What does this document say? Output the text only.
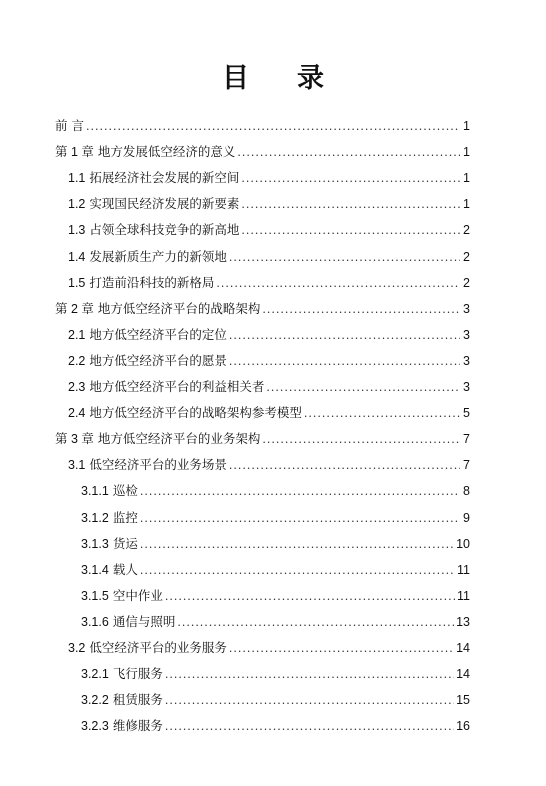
目 录
前 言 .....	1
第 1 章 地方发展低空经济的意义 .....	1
1.1 拓展经济社会发展的新空间 .....	1
1.2 实现国民经济发展的新要素 .....	1
1.3 占领全球科技竞争的新高地 .....	2
1.4 发展新质生产力的新领地 .....	2
1.5 打造前沿科技的新格局 .....	2
第 2 章 地方低空经济平台的战略架构 .....	3
2.1 地方低空经济平台的定位 .....	3
2.2 地方低空经济平台的愿景 .....	3
2.3 地方低空经济平台的利益相关者 .....	3
2.4 地方低空经济平台的战略架构参考模型 .....	5
第 3 章 地方低空经济平台的业务架构 .....	7
3.1 低空经济平台的业务场景 .....	7
3.1.1 巡检 .....	8
3.1.2 监控 .....	9
3.1.3 货运 .....	10
3.1.4 载人 .....	11
3.1.5 空中作业 .....	11
3.1.6 通信与照明 .....	13
3.2 低空经济平台的业务服务 .....	14
3.2.1 飞行服务 .....	14
3.2.2 租赁服务 .....	15
3.2.3 维修服务 .....	16
